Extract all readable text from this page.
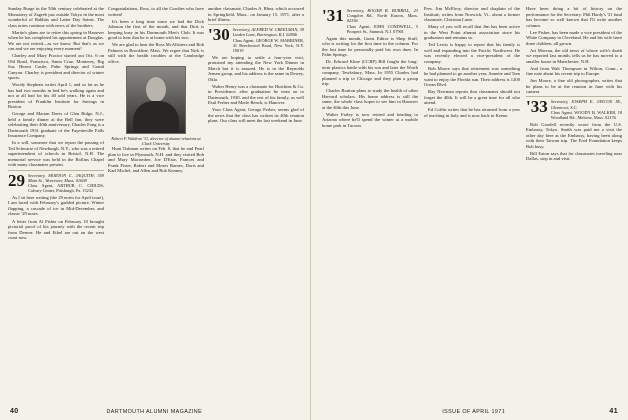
Sunday Burge in the 50th century celebrated at the Monastery of Zagreb just outside Tokyo in the most wonderful of Rabbits and Latter Day Saints. The class notes continue with news of the brothers.

Martin's plans are to retire this spring in Hanover when he has completed his appointment at Douglas. We are not retired—as we know. But that's as we can and we are enjoying every moment!

Charley and Mary Proctor started out Oct. 6 on Old Road, Francisco, Santa Cruz, Monterey, Big Sur, Hearst Castle, Palm Springs and Grand Canyon. Charley is president and director of winter sports.

Woody Stephens writes April 1, and so far as he has had two months in bed he's walking again and not at all bad for his 40 odd years. He is a vice president of Franklin Institute for Savings in Boston.

George and Marian Davis of Glen Ridge, N.J., held a family dinner at the Bell Inn, they were celebrating their 40th anniversary. Charles Fong is a Dartmouth 1931 graduate of the Fayetteville Falls Insurance Company.

In a will, someone that we report the passing of Ted Schwartz of Newburgh, N.Y., who was a retired superintendent of schools in Bristol, N.H. The memorial service was held in the Rollins Chapel with many classmates present.

29 Secretary, MORTON C. JAQUITH, 359 Main St., Worcester, Mass. 01608
Class Agent, ARTHUR C. CHILDS, Calvary Center, Pittsburgh, Pa. 15232

As I sit here writing (the 29 notes for April issue), I am faced with February's garbled picture. Winter flapping, a cascade of ice in Mid-December, and classic '29 notes.

A letter from Al Fisher on February 10 brought pictorial proof of his journey with the recent trip from Denver. He and Ethel are out on the west coast now.

Congratulations, Ross, to all the Goodies who have written!

It's been a long time since we had the Dick Johnson the first of the month, and that Dick is keeping busy in his Dartmouth Men's Club. It was good to hear that he is at home with his two.

We are glad to hear the Ross McAllisters and Bob Palmers in Brookline, Mass. We regret that Nick is still with the health troubles at the Cambridge office.

Robert F. Waldron '31, director of alumni relations at Clark University

Hunt Tishman writes on Feb. 8, that he and Pearl plan to live in Plymouth, N.H. and they visited Bob and Mary Macomber, Joe D'Este, Frances and Frank Fister, Robert and Moses Barnes, Doris and Karl Michel, and Allen and Bob Kenney.

another classmate, Charles A. Rhea, which occurred in Springfield, Mass., on January 15, 1971, after a brief illness.

'30 Secretary, ALFRED W. CREELMAN, 39 Linden Lane, Barrington, R.I. 02806
Class Agent, GEORGE W. MARRINER, 41 Beechwood Road, New York, N.Y. 10019

We are hoping to settle a four-year visit, promised my attending the New York Dinner in March but it is assured. He is in the Reynolds Jensen group, and his address is the same in Dewey, Okla.

Walter Henry was a classmate for Hutchins & Co. in Providence; after graduation he went on to Dartmouth, 1930, and the rest of his family, as well Paul Ferber and Merle Bench, is Hanover.

Your Class Agent, George Ferber, seems glad of the news that the class has written its 40th reunion plans. Our class will meet the last weekend in June.

40	DARTMOUTH ALUMNI MAGAZINE
'31 Secretary, ROGER B. BURRILL, 23 Congdon Rd., North Easton, Mass. 02356
Class Agent, JOHN CONDWELL, 5 Prospect St., Summit, N.J. 07901

Again this month, Guest Editor is Shep Stuff, who is writing for the first time in the column. For the last time he personally paid his own dues. In Palm Springs.

Dr. Edward Kline (CCRP) Bill fought the long-term plastics battle with his son and later the Worth company, Tewksbury, Mass. In 1955 Charles had planned a trip to Chicago and they plan a group trip.

Charles Bratton plans to study the health of other Harvard scholars. His home address is still the same, the whole class hopes to see him in Hanover at the 40th this June.

Walter Farley is now retired and heading to Arizona where he'll spend the winter at a mobile home park in Tucson.

Pres. Jim McElroy, director and chaplain of the Institute, writes from Norwich, Vt., about a former classmate, Christian Lunn.

Many of you will recall that Jim has been active in the West Point alumni association since his graduation and remains so.

Ted Lewis is happy to report that his family is well and expanding into the Pacific Northwest. He was recently elected a vice-president of the company.

Bob Moore says that retirement was something he had planned to go another year, Annette and Tom want to enjoy the Florida sun. Their address is 1200 Ocean Blvd.

Ray Newman reports that classmates should not forget the 40th. It will be a great time for all who attend.

Ed Coffin writes that he has returned from a year of teaching in Italy and is now back in Keene.

Have been doing a bit of history on the performance for the Secretary. Phil Hardy's '31 fund has become so well known that I'll write another column.

Lee Fisher, has been made a vice president of the White Company in Cleveland. He and his wife have three children, all grown.

Art Moreau, the old news of whose wife's death we reported last month, tells us he has moved to a smaller house in Manchester, N.H.

And from Walt Thompson in Wilton, Conn., a fine note about his recent trip to Europe.

Jim Moore, a fine old photographer, writes that he plans to be at the reunion in June with his camera.

'33 Secretary, JOSEPH E. JAYCOX JR., Glenmoor, S.C.
Class Agent, WOODY B. WALKER, 18 Woodland Rd., Melrose, Mass. 02176

Bob Goodell recently wrote from the U.S. Embassy, Tokyo. Smith was paid me a visit the other day here at the Embassy, having been along with their Taiwan trip. The Ford Foundation keeps Bob busy.

Bill Eaton says that for classmates traveling near Dallas, stop in and visit.

ISSUE OF APRIL 1971	41
